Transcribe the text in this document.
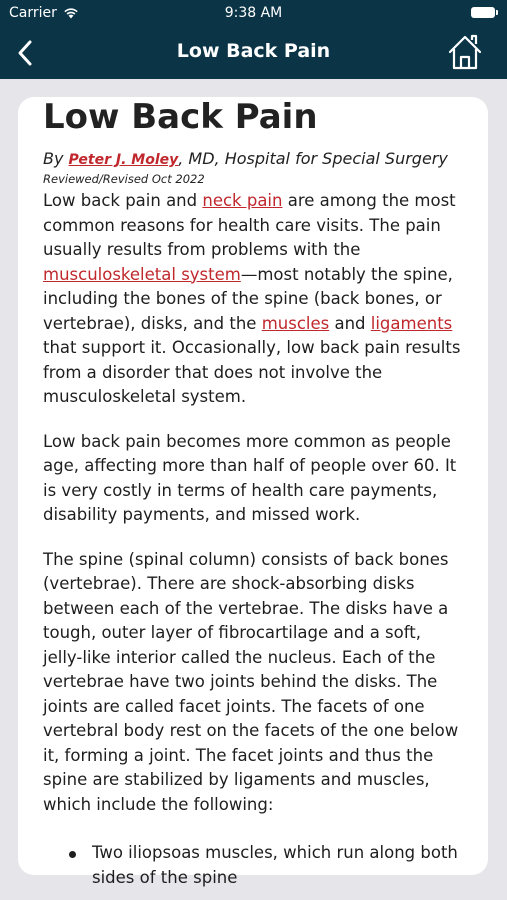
Carrier	9:38 AM
Low Back Pain
Low Back Pain
By Peter J. Moley, MD, Hospital for Special Surgery
Reviewed/Revised Oct 2022

Low back pain and neck pain are among the most common reasons for health care visits. The pain usually results from problems with the musculoskeletal system—most notably the spine, including the bones of the spine (back bones, or vertebrae), disks, and the muscles and ligaments that support it. Occasionally, low back pain results from a disorder that does not involve the musculoskeletal system.

Low back pain becomes more common as people age, affecting more than half of people over 60. It is very costly in terms of health care payments, disability payments, and missed work.

The spine (spinal column) consists of back bones (vertebrae). There are shock-absorbing disks between each of the vertebrae. The disks have a tough, outer layer of fibrocartilage and a soft, jelly-like interior called the nucleus. Each of the vertebrae have two joints behind the disks. The joints are called facet joints. The facets of one vertebral body rest on the facets of the one below it, forming a joint. The facet joints and thus the spine are stabilized by ligaments and muscles, which include the following:

Two iliopsoas muscles, which run along both sides of the spine
